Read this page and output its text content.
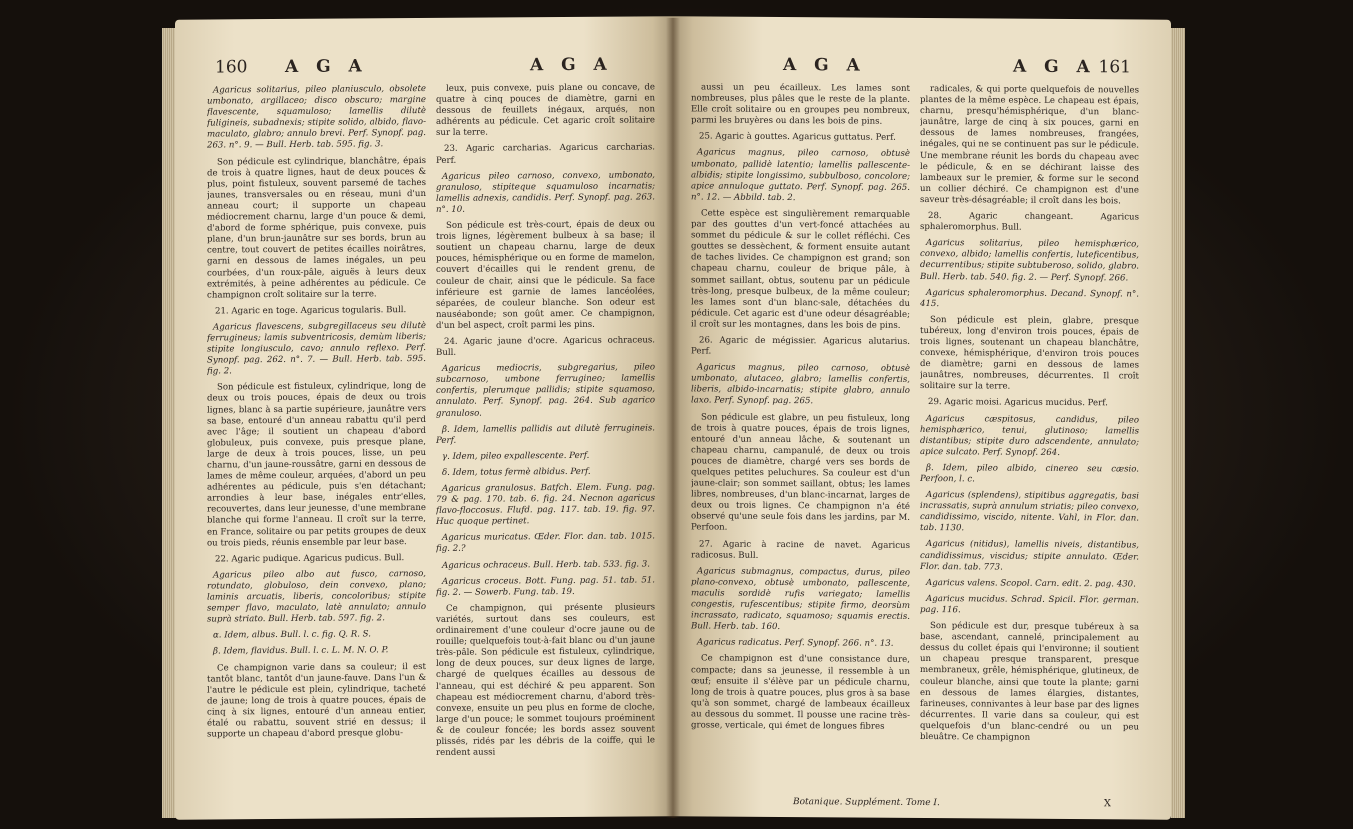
160 A G A	A G A

Agaricus solitarius, pileo planiusculo, obsolete umbonato, argillaceo; disco obscuro; margine flavescente, squamuloso; lamellis dilutè fuligineis, subadnexis; stipite solido, albido, flavo-maculato, glabro; annulo brevi. Perf. Synopf. pag. 263. n°. 9. — Bull. Herb. tab. 595. fig. 3.

Son pédicule est cylindrique, blanchâtre, épais de trois à quatre lignes, haut de deux pouces & plus, point fistuleux, souvent parsemé de taches jaunes, transversales ou en réseau, muni d'un anneau court; il supporte un chapeau médiocrement charnu, large d'un pouce & demi, d'abord de forme sphérique, puis convexe, puis plane, d'un brun-jaunâtre sur ses bords, brun au centre, tout couvert de petites écailles noirâtres, garni en dessous de lames inégales, un peu courbées, d'un roux-pâle, aiguës à leurs deux extrémités, à peine adhérentes au pédicule. Ce champignon croît solitaire sur la terre.

21. Agaric en toge. Agaricus togularis. Bull.

Agaricus flavescens, subgregillaceus seu dilutè ferrugineus; lamis subventricosis, demùm liberis; stipite longiusculo, cavo; annulo reflexo. Perf. Synopf. pag. 262. n°. 7. — Bull. Herb. tab. 595. fig. 2.

Son pédicule est fistuleux, cylindrique, long de deux ou trois pouces, épais de deux ou trois lignes, blanc à sa partie supérieure, jaunâtre vers sa base, entouré d'un anneau rabattu qu'il perd avec l'âge; il soutient un chapeau d'abord globuleux, puis convexe, puis presque plane, large de deux à trois pouces, lisse, un peu charnu, d'un jaune-roussâtre, garni en dessous de lames de même couleur, arquées, d'abord un peu adhérentes au pédicule, puis s'en détachant; arrondies à leur base, inégales entr'elles, recouvertes, dans leur jeunesse, d'une membrane blanche qui forme l'anneau. Il croît sur la terre, en France, solitaire ou par petits groupes de deux ou trois pieds, réunis ensemble par leur base.

22. Agaric pudique. Agaricus pudicus. Bull.

Agaricus pileo albo aut fusco, carnoso, rotundato, globuloso, dein convexo, plano; laminis arcuatis, liberis, concoloribus; stipite semper flavo, maculato, latè annulato; annulo suprà striato. Bull. Herb. tab. 597. fig. 2.

α. Idem, albus. Bull. l. c. fig. Q. R. S.

β. Idem, flavidus. Bull. l. c. L. M. N. O. P.

Ce champignon varie dans sa couleur; il est tantôt blanc, tantôt d'un jaune-fauve. Dans l'un & l'autre le pédicule est plein, cylindrique, tacheté de jaune; long de trois à quatre pouces, épais de cinq à six lignes, entouré d'un anneau entier, étalé ou rabattu, souvent strié en dessus; il supporte un chapeau d'abord presque globu-

leux, puis convexe, puis plane ou concave, de quatre à cinq pouces de diamètre, garni en dessous de feuillets inégaux, arqués, non adhérents au pédicule. Cet agaric croît solitaire sur la terre.

23. Agaric carcharias. Agaricus carcharias. Perf.

Agaricus pileo carnoso, convexo, umbonato, granuloso, stipiteque squamuloso incarnatis; lamellis adnexis, candidis. Perf. Synopf. pag. 263. n°. 10.

Son pédicule est très-court, épais de deux ou trois lignes, légèrement bulbeux à sa base; il soutient un chapeau charnu, large de deux pouces, hémisphérique ou en forme de mamelon, couvert d'écailles qui le rendent grenu, de couleur de chair, ainsi que le pédicule. Sa face inférieure est garnie de lames lancéolées, séparées, de couleur blanche. Son odeur est nauséabonde; son goût amer. Ce champignon, d'un bel aspect, croît parmi les pins.

24. Agaric jaune d'ocre. Agaricus ochraceus. Bull.

Agaricus mediocris, subgregarius, pileo subcarnoso, umbone ferrugineo; lamellis confertis, plerumque pallidis; stipite squamoso, annulato. Perf. Synopf. pag. 264. Sub agarico granuloso.

β. Idem, lamellis pallidis aut dilutè ferrugineis. Perf.

γ. Idem, pileo expallescente. Perf.

δ. Idem, totus fermè albidus. Perf.

Agaricus granulosus. Batfch. Elem. Fung. pag. 79 & pag. 170. tab. 6. fig. 24. Necnon agaricus flavo-floccosus. Flufd. pag. 117. tab. 19. fig. 97. Huc quoque pertinet.

Agaricus muricatus. Œder. Flor. dan. tab. 1015. fig. 2.?

Agaricus ochraceus. Bull. Herb. tab. 533. fig. 3.

Agaricus croceus. Bott. Fung. pag. 51. tab. 51. fig. 2. — Sowerb. Fung. tab. 19.

Ce champignon, qui présente plusieurs variétés, surtout dans ses couleurs, est ordinairement d'une couleur d'ocre jaune ou de rouille; quelquefois tout-à-fait blanc ou d'un jaune très-pâle. Son pédicule est fistuleux, cylindrique, long de deux pouces, sur deux lignes de large, chargé de quelques écailles au dessous de l'anneau, qui est déchiré & peu apparent. Son chapeau est médiocrement charnu, d'abord très-convexe, ensuite un peu plus en forme de cloche, large d'un pouce; le sommet toujours proéminent & de couleur foncée; les bords assez souvent plissés, ridés par les débris de la coiffe, qui le rendent aussi

A G A	A G A 161

aussi un peu écailleux. Les lames sont nombreuses, plus pâles que le reste de la plante. Elle croît solitaire ou en groupes peu nombreux, parmi les bruyères ou dans les bois de pins.

25. Agaric à gouttes. Agaricus guttatus. Perf.

Agaricus magnus, pileo carnoso, obtusè umbonato, pallidè latentio; lamellis pallescente-albidis; stipite longissimo, subbulboso, concolore; apice annuloque guttato. Perf. Synopf. pag. 265. n°. 12. — Abbild. tab. 2.

Cette espèce est singulièrement remarquable par des gouttes d'un vert-foncé attachées au sommet du pédicule & sur le collet réfléchi. Ces gouttes se dessèchent, & forment ensuite autant de taches livides. Ce champignon est grand; son chapeau charnu, couleur de brique pâle, à sommet saillant, obtus, soutenu par un pédicule très-long, presque bulbeux, de la même couleur; les lames sont d'un blanc-sale, détachées du pédicule. Cet agaric est d'une odeur désagréable; il croît sur les montagnes, dans les bois de pins.

26. Agaric de mégissier. Agaricus alutarius. Perf.

Agaricus magnus, pileo carnoso, obtusè umbonato, alutaceo, glabro; lamellis confertis, liberis, albido-incarnatis; stipite glabro, annulo laxo. Perf. Synopf. pag. 265.

Son pédicule est glabre, un peu fistuleux, long de trois à quatre pouces, épais de trois lignes, entouré d'un anneau lâche, & soutenant un chapeau charnu, campanulé, de deux ou trois pouces de diamètre, chargé vers ses bords de quelques petites peluchures. Sa couleur est d'un jaune-clair; son sommet saillant, obtus; les lames libres, nombreuses, d'un blanc-incarnat, larges de deux ou trois lignes. Ce champignon n'a été observé qu'une seule fois dans les jardins, par M. Perfoon.

27. Agaric à racine de navet. Agaricus radicosus. Bull.

Agaricus submagnus, compactus, durus, pileo plano-convexo, obtusè umbonato, pallescente, maculis sordidè rufis variegato; lamellis congestis, rufescentibus; stipite firmo, deorsùm incrassato, radicato, squamoso; squamis erectis. Bull. Herb. tab. 160.

Agaricus radicatus. Perf. Synopf. 266. n°. 13.

Ce champignon est d'une consistance dure, compacte; dans sa jeunesse, il ressemble à un œuf; ensuite il s'élève par un pédicule charnu, long de trois à quatre pouces, plus gros à sa base qu'à son sommet, chargé de lambeaux écailleux au dessous du sommet. Il pousse une racine très-grosse, verticale, qui émet de longues fibres

radicales, & qui porte quelquefois de nouvelles plantes de la même espèce. Le chapeau est épais, charnu, presqu'hémisphérique, d'un blanc-jaunâtre, large de cinq à six pouces, garni en dessous de lames nombreuses, frangées, inégales, qui ne se continuent pas sur le pédicule. Une membrane réunit les bords du chapeau avec le pédicule, & en se déchirant laisse des lambeaux sur le premier, & forme sur le second un collier déchiré. Ce champignon est d'une saveur très-désagréable; il croît dans les bois.

28. Agaric changeant. Agaricus sphaleromorphus. Bull.

Agaricus solitarius, pileo hemisphærico, convexo, albido; lamellis confertis, luteficentibus, decurrentibus; stipite subtuberoso, solido, glabro. Bull. Herb. tab. 540. fig. 2. — Perf. Synopf. 266.

Agaricus sphaleromorphus. Decand. Synopf. n°. 415.

Son pédicule est plein, glabre, presque tubéreux, long d'environ trois pouces, épais de trois lignes, soutenant un chapeau blanchâtre, convexe, hémisphérique, d'environ trois pouces de diamètre; garni en dessous de lames jaunâtres, nombreuses, décurrentes. Il croît solitaire sur la terre.

29. Agaric moisi. Agaricus mucidus. Perf.

Agaricus cæspitosus, candidus, pileo hemisphærico, tenui, glutinoso; lamellis distantibus; stipite duro adscendente, annulato; apice sulcato. Perf. Synopf. 264.

β. Idem, pileo albido, cinereo seu cæsio. Perfoon, l. c.

Agaricus (splendens), stipitibus aggregatis, basi incrassatis, suprà annulum striatis; pileo convexo, candidissimo, viscido, nitente. Vahl, in Flor. dan. tab. 1130.

Agaricus (nitidus), lamellis niveis, distantibus, candidissimus, viscidus; stipite annulato. Œder. Flor. dan. tab. 773.

Agaricus valens. Scopol. Carn. edit. 2. pag. 430.

Agaricus mucidus. Schrad. Spicil. Flor. german. pag. 116.

Son pédicule est dur, presque tubéreux à sa base, ascendant, cannelé, principalement au dessus du collet épais qui l'environne; il soutient un chapeau presque transparent, presque membraneux, grêle, hémisphérique, glutineux, de couleur blanche, ainsi que toute la plante; garni en dessous de lames élargies, distantes, farineuses, connivantes à leur base par des lignes décurrentes. Il varie dans sa couleur, qui est quelquefois d'un blanc-cendré ou un peu bleuâtre. Ce champignon

Botanique. Supplément. Tome I.	X
